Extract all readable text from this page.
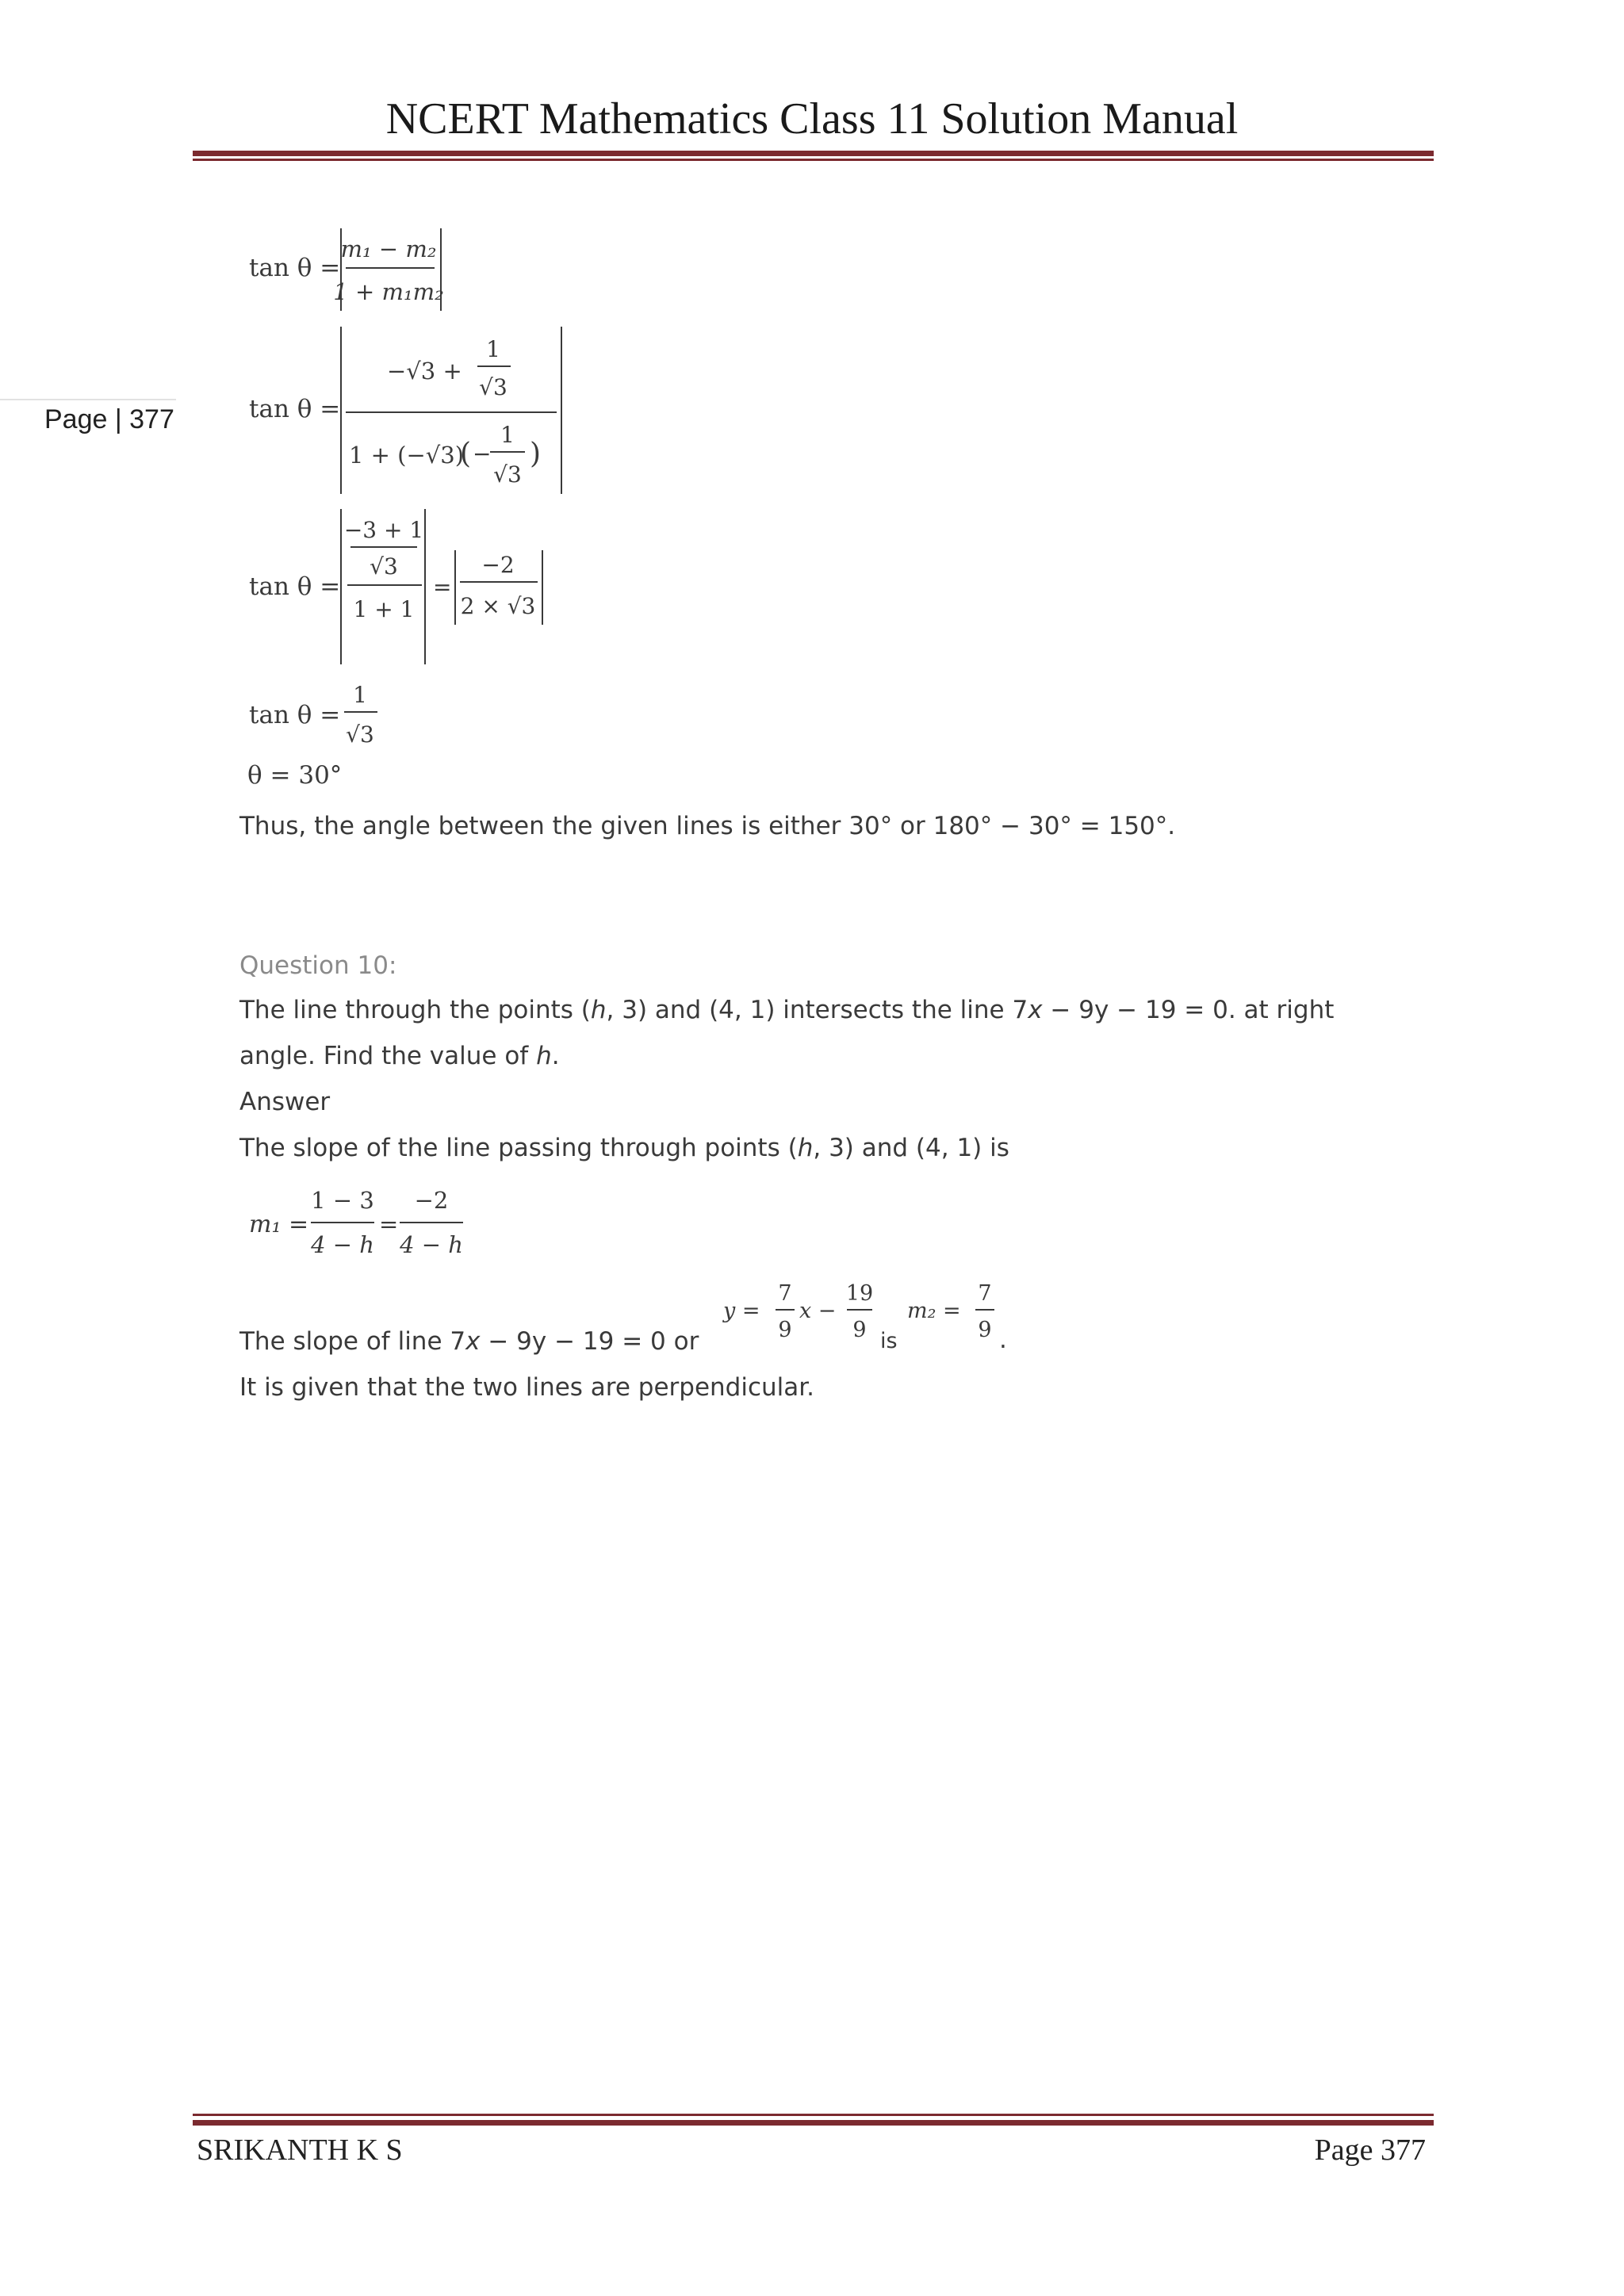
NCERT Mathematics Class 11 Solution Manual
Page | 377
tan θ =
m₁ − m₂
1 + m₁m₂
tan θ =
−√3 +
1
√3
1 + (−√3)
( −
1
√3
)
tan θ =
−3 + 1
√3
1 + 1
=
−2
2 × √3
tan θ =
1
√3
θ = 30°
Thus, the angle between the given lines is either 30° or 180° − 30° = 150°.
Question 10:
The line through the points (h, 3) and (4, 1) intersects the line 7x − 9y − 19 = 0. at right
angle. Find the value of h.
Answer
The slope of the line passing through points (h, 3) and (4, 1) is
m₁ =
1 − 3
4 − h
=
−2
4 − h
The slope of line 7x − 9y − 19 = 0 or
y =
7
9
x −
19
9 is
m₂ =
7
9 .
It is given that the two lines are perpendicular.
SRIKANTH K S	Page 377
